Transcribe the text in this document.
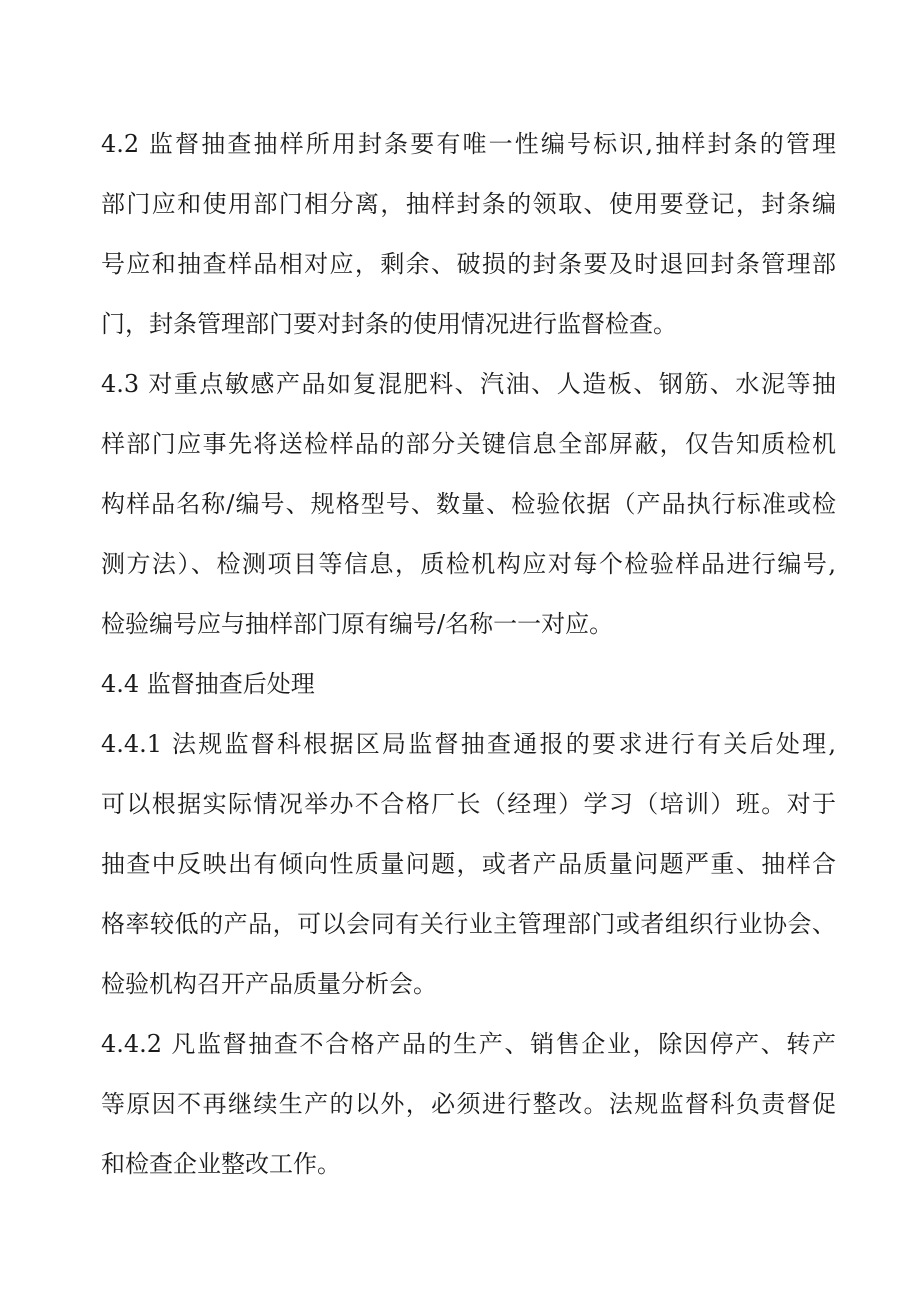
4.2 监督抽查抽样所用封条要有唯一性编号标识,抽样封条的管理
部门应和使用部门相分离，抽样封条的领取、使用要登记，封条编
号应和抽查样品相对应，剩余、破损的封条要及时退回封条管理部
门，封条管理部门要对封条的使用情况进行监督检查。
4.3 对重点敏感产品如复混肥料、汽油、人造板、钢筋、水泥等抽
样部门应事先将送检样品的部分关键信息全部屏蔽，仅告知质检机
构样品名称/编号、规格型号、数量、检验依据（产品执行标准或检
测方法）、检测项目等信息，质检机构应对每个检验样品进行编号,
检验编号应与抽样部门原有编号/名称一一对应。
4.4 监督抽查后处理
4.4.1 法规监督科根据区局监督抽查通报的要求进行有关后处理,
可以根据实际情况举办不合格厂长（经理）学习（培训）班。对于
抽查中反映出有倾向性质量问题，或者产品质量问题严重、抽样合
格率较低的产品，可以会同有关行业主管理部门或者组织行业协会、
检验机构召开产品质量分析会。
4.4.2 凡监督抽查不合格产品的生产、销售企业，除因停产、转产
等原因不再继续生产的以外，必须进行整改。法规监督科负责督促
和检查企业整改工作。
